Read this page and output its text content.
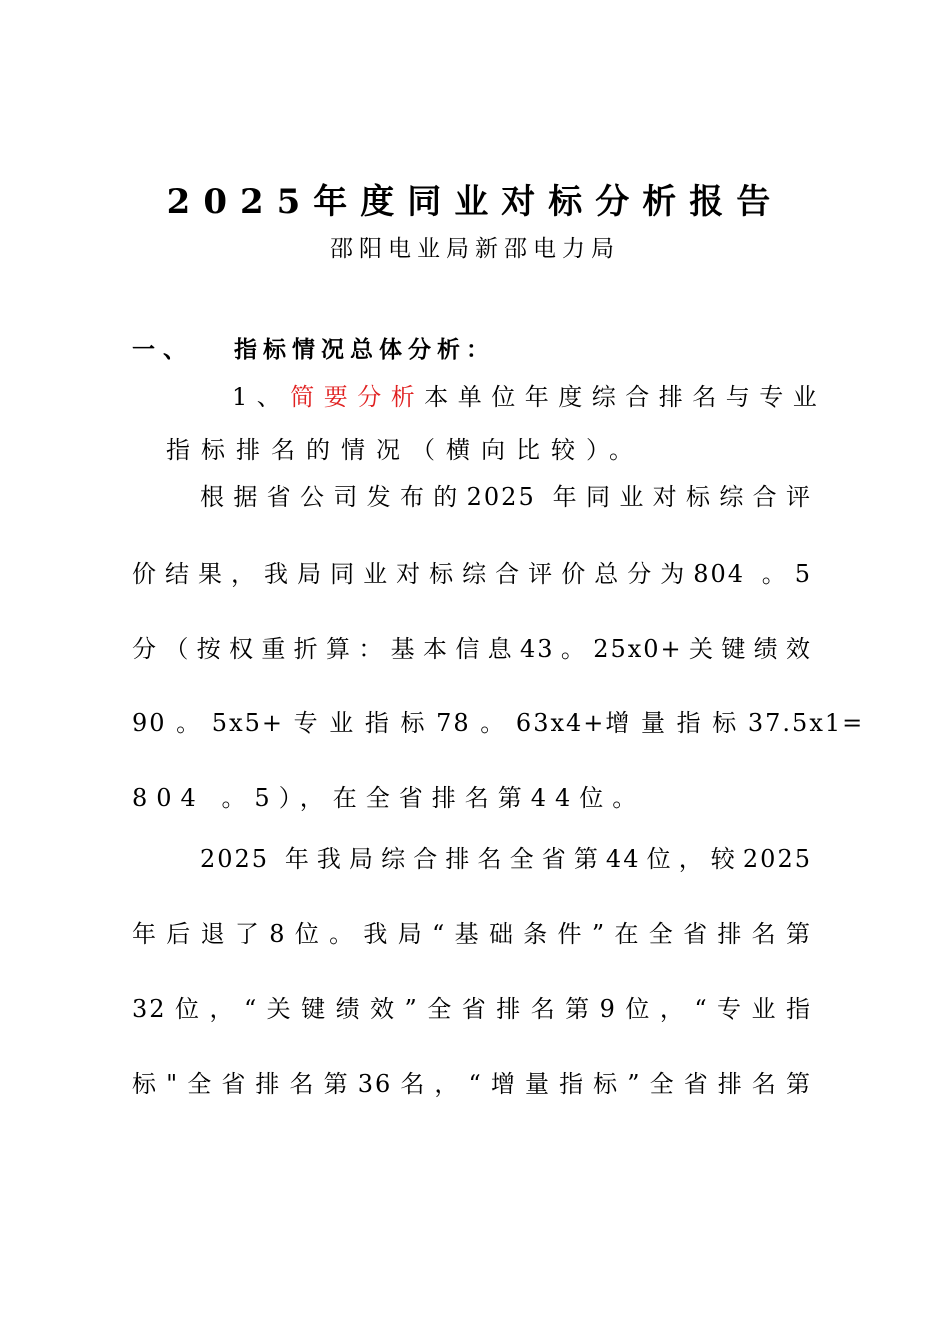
2025年度同业对标分析报告
邵阳电业局新邵电力局
一、 指标情况总体分析：
1、简要分析本单位年度综合排名与专业
指标排名的情况（横向比较）。
根据省公司发布的2025 年同业对标综合评
价结果，我局同业对标综合评价总分为804 。5
分（按权重折算：基本信息43。25x0+关键绩效
90 。 5x5+ 专 业 指 标 78 。 63x4+增 量 指 标 37.5x1=
804 。5），在全省排名第44位。
2025 年我局综合排名全省第44位，较2025
年后退了8位。我局“基础条件”在全省排名第
32位，“关键绩效”全省排名第9位，“专业指
标"全省排名第36名，“增量指标”全省排名第
